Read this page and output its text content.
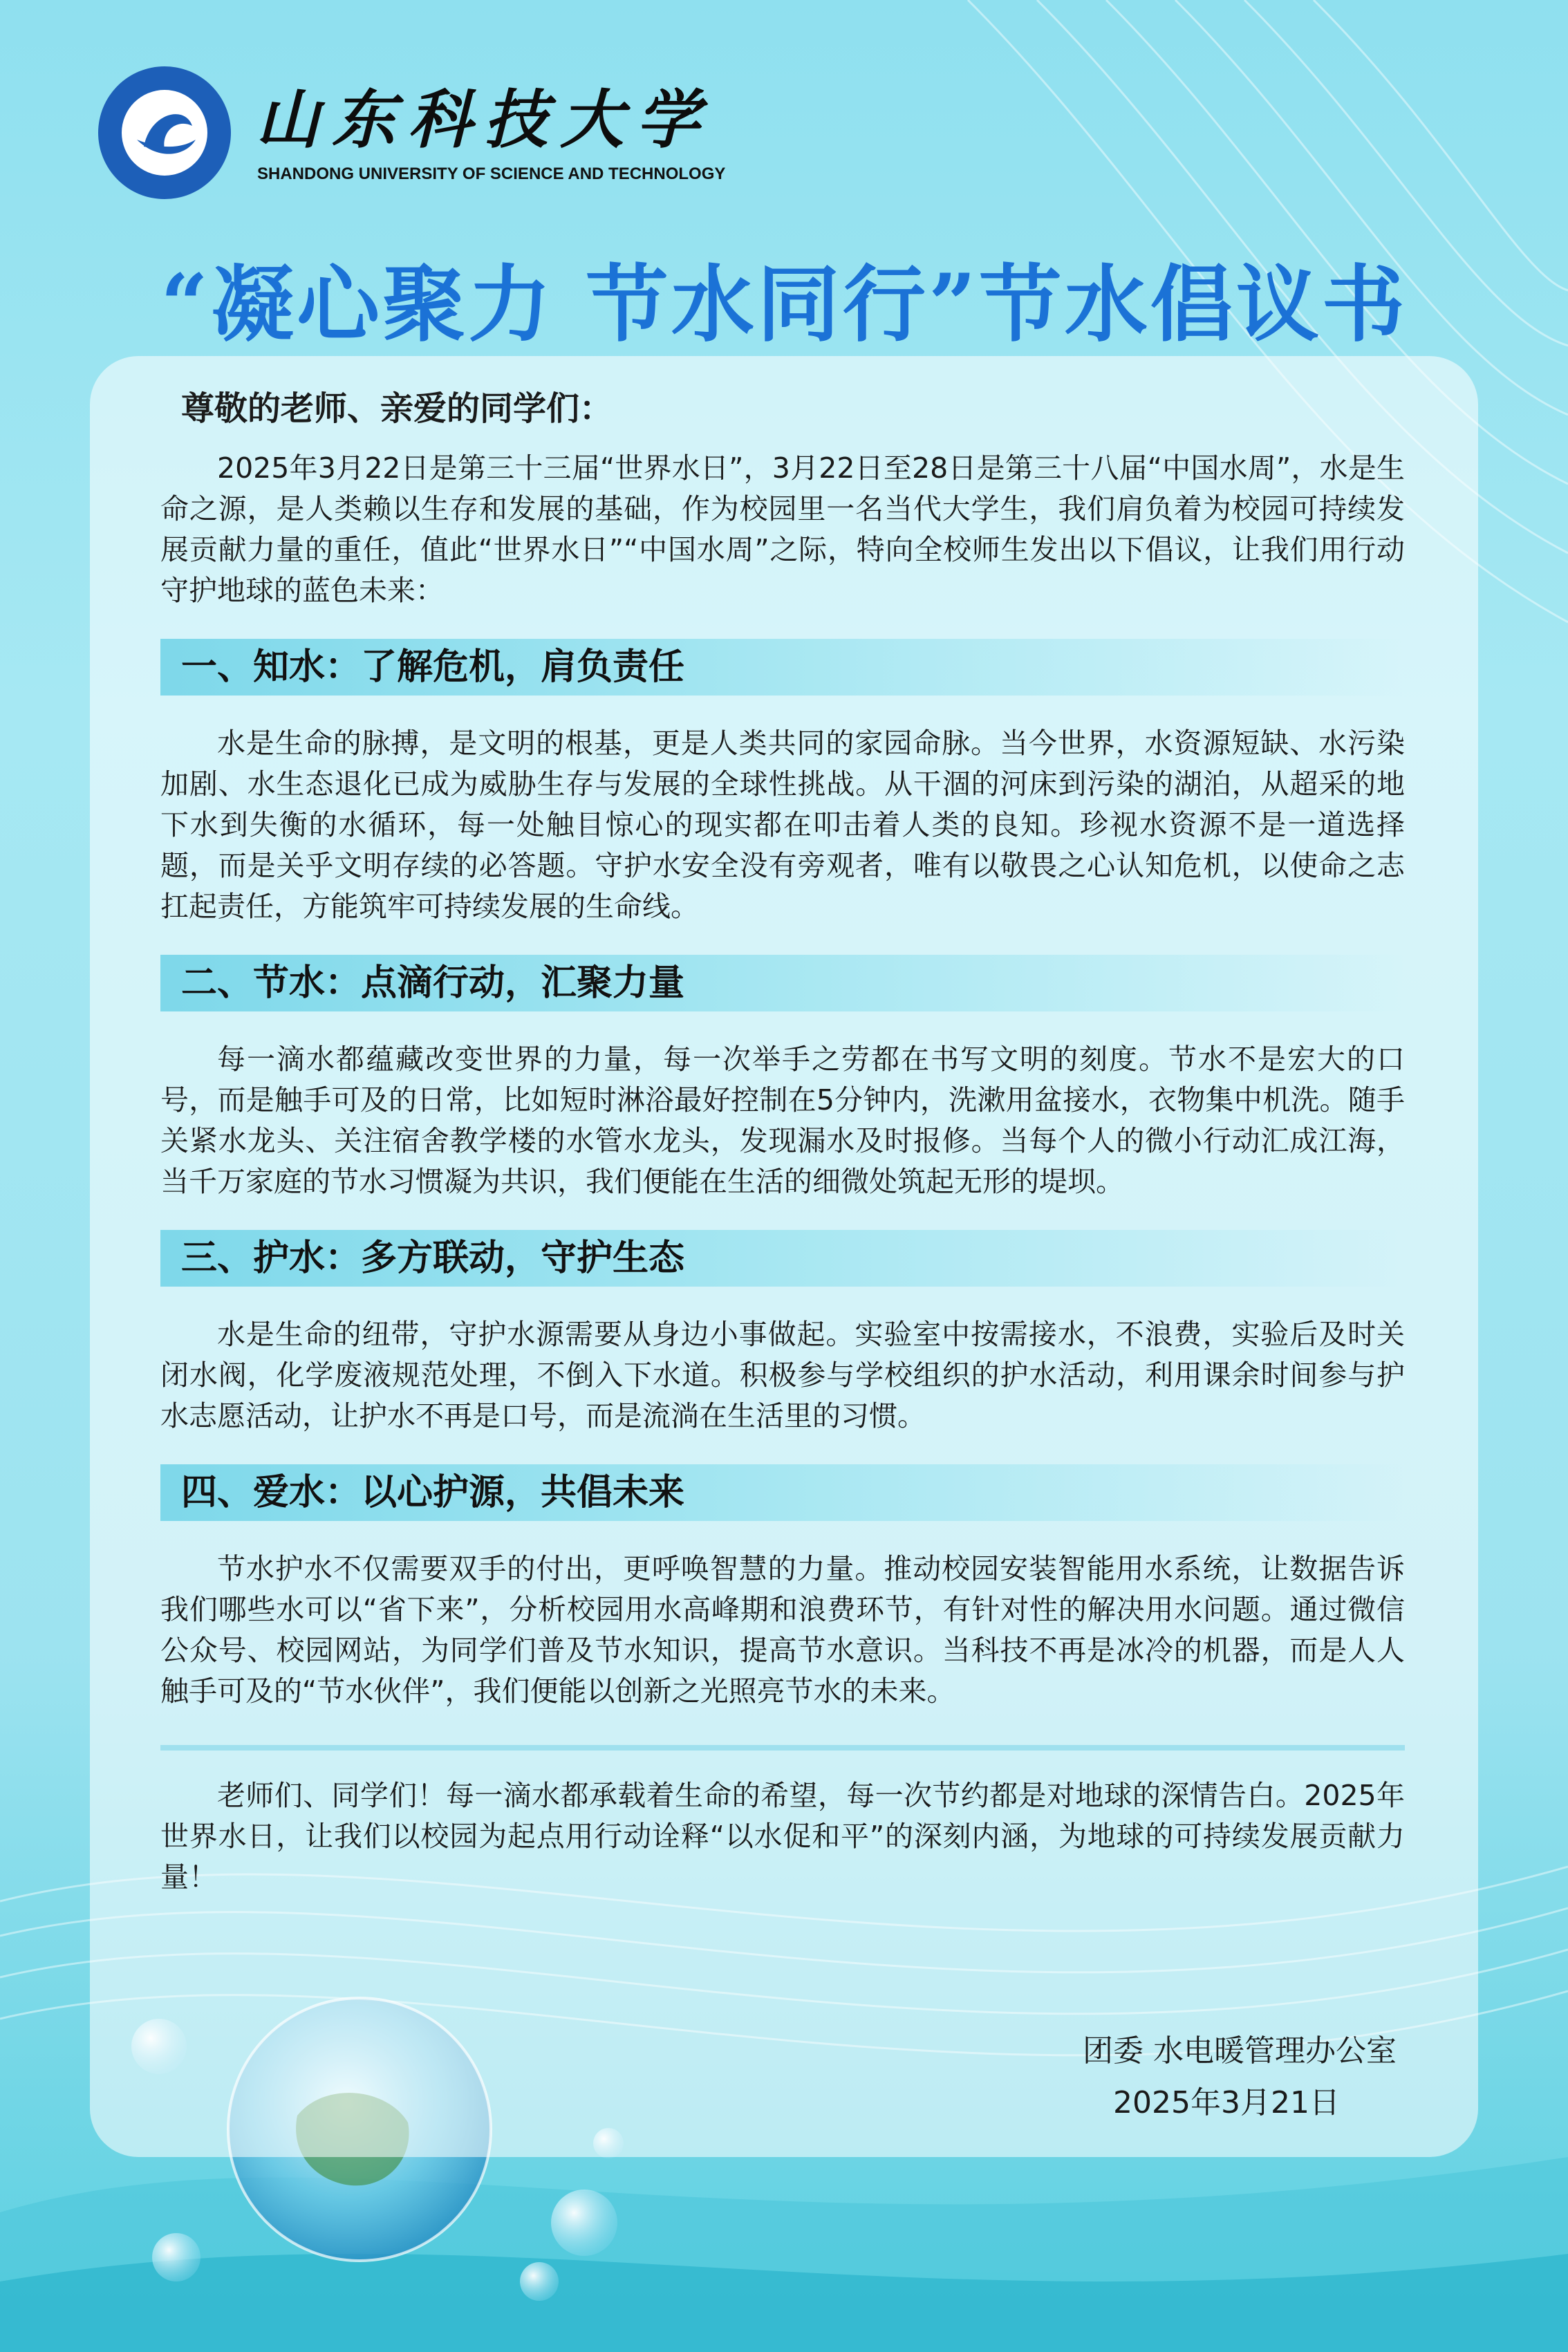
山东科技大学
SHANDONG UNIVERSITY OF SCIENCE AND TECHNOLOGY
“凝心聚力 节水同行”节水倡议书
尊敬的老师、亲爱的同学们：

2025年3月22日是第三十三届“世界水日”，3月22日至28日是第三十八届“中国水周”，水是生命之源，是人类赖以生存和发展的基础，作为校园里一名当代大学生，我们肩负着为校园可持续发展贡献力量的重任，值此“世界水日”“中国水周”之际，特向全校师生发出以下倡议，让我们用行动守护地球的蓝色未来：

一、知水：了解危机，肩负责任

水是生命的脉搏，是文明的根基，更是人类共同的家园命脉。当今世界，水资源短缺、水污染加剧、水生态退化已成为威胁生存与发展的全球性挑战。从干涸的河床到污染的湖泊，从超采的地下水到失衡的水循环，每一处触目惊心的现实都在叩击着人类的良知。珍视水资源不是一道选择题，而是关乎文明存续的必答题。守护水安全没有旁观者，唯有以敬畏之心认知危机，以使命之志扛起责任，方能筑牢可持续发展的生命线。

二、节水：点滴行动，汇聚力量

每一滴水都蕴藏改变世界的力量，每一次举手之劳都在书写文明的刻度。节水不是宏大的口号，而是触手可及的日常，比如短时淋浴最好控制在5分钟内，洗漱用盆接水，衣物集中机洗。随手关紧水龙头、关注宿舍教学楼的水管水龙头，发现漏水及时报修。当每个人的微小行动汇成江海，当千万家庭的节水习惯凝为共识，我们便能在生活的细微处筑起无形的堤坝。

三、护水：多方联动，守护生态

水是生命的纽带，守护水源需要从身边小事做起。实验室中按需接水，不浪费，实验后及时关闭水阀，化学废液规范处理，不倒入下水道。积极参与学校组织的护水活动，利用课余时间参与护水志愿活动，让护水不再是口号，而是流淌在生活里的习惯。

四、爱水：以心护源，共倡未来

节水护水不仅需要双手的付出，更呼唤智慧的力量。推动校园安装智能用水系统，让数据告诉我们哪些水可以“省下来”，分析校园用水高峰期和浪费环节，有针对性的解决用水问题。通过微信公众号、校园网站，为同学们普及节水知识，提高节水意识。当科技不再是冰冷的机器，而是人人触手可及的“节水伙伴”，我们便能以创新之光照亮节水的未来。

老师们、同学们！每一滴水都承载着生命的希望，每一次节约都是对地球的深情告白。2025年世界水日，让我们以校园为起点用行动诠释“以水促和平”的深刻内涵，为地球的可持续发展贡献力量！

团委 水电暖管理办公室
2025年3月21日
